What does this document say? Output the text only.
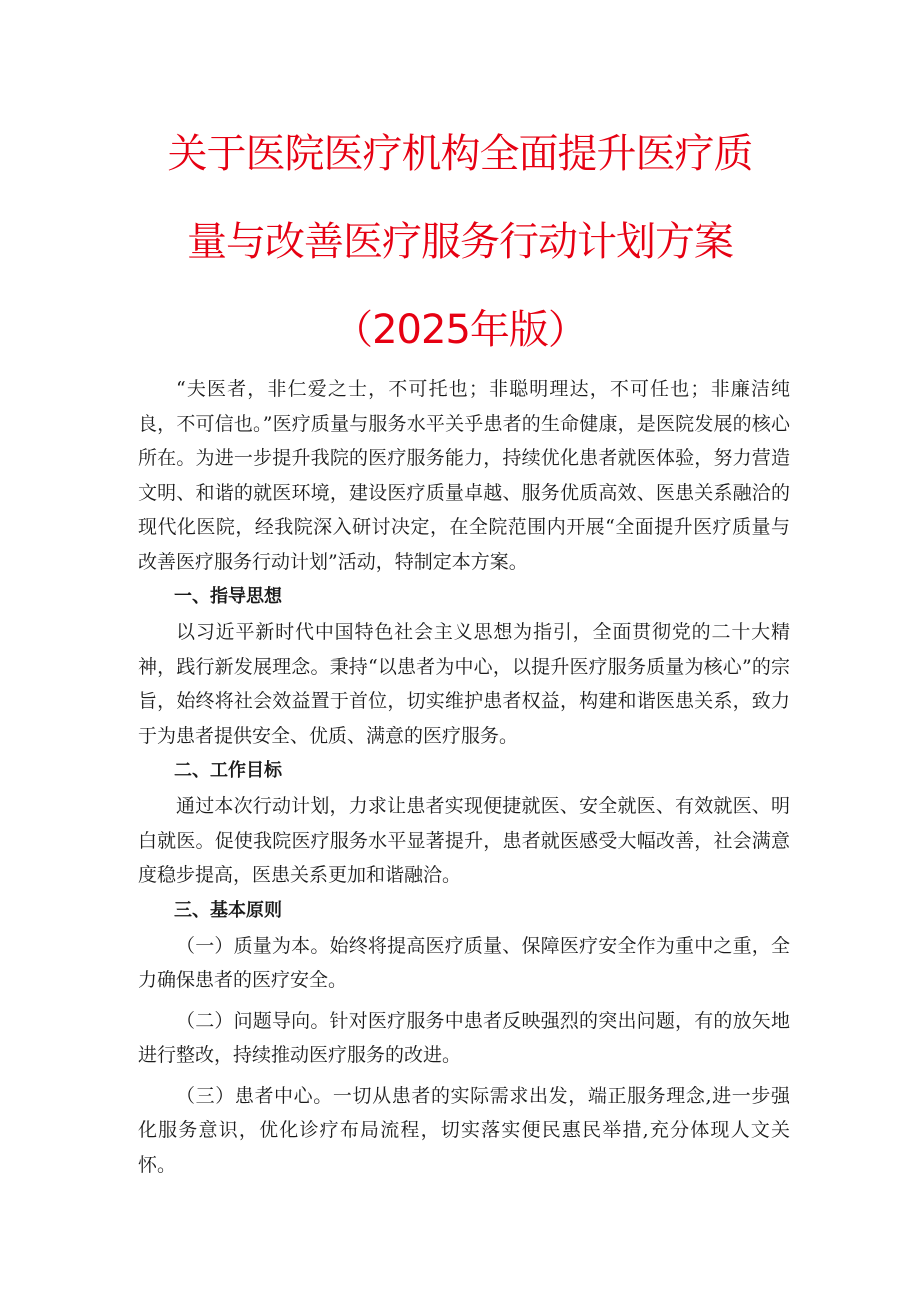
关于医院医疗机构全面提升医疗质
量与改善医疗服务行动计划方案
（2025年版）

“夫医者，非仁爱之士，不可托也；非聪明理达，不可任也；非廉洁纯良，不可信也。”医疗质量与服务水平关乎患者的生命健康，是医院发展的核心所在。为进一步提升我院的医疗服务能力，持续优化患者就医体验，努力营造文明、和谐的就医环境，建设医疗质量卓越、服务优质高效、医患关系融洽的现代化医院，经我院深入研讨决定，在全院范围内开展“全面提升医疗质量与改善医疗服务行动计划”活动，特制定本方案。

一、指导思想

以习近平新时代中国特色社会主义思想为指引，全面贯彻党的二十大精神，践行新发展理念。秉持“以患者为中心，以提升医疗服务质量为核心”的宗旨，始终将社会效益置于首位，切实维护患者权益，构建和谐医患关系，致力于为患者提供安全、优质、满意的医疗服务。

二、工作目标

通过本次行动计划，力求让患者实现便捷就医、安全就医、有效就医、明白就医。促使我院医疗服务水平显著提升，患者就医感受大幅改善，社会满意度稳步提高，医患关系更加和谐融洽。

三、基本原则

（一）质量为本。始终将提高医疗质量、保障医疗安全作为重中之重，全力确保患者的医疗安全。

（二）问题导向。针对医疗服务中患者反映强烈的突出问题，有的放矢地进行整改，持续推动医疗服务的改进。

（三）患者中心。一切从患者的实际需求出发，端正服务理念,进一步强化服务意识，优化诊疗布局流程，切实落实便民惠民举措,充分体现人文关怀。
